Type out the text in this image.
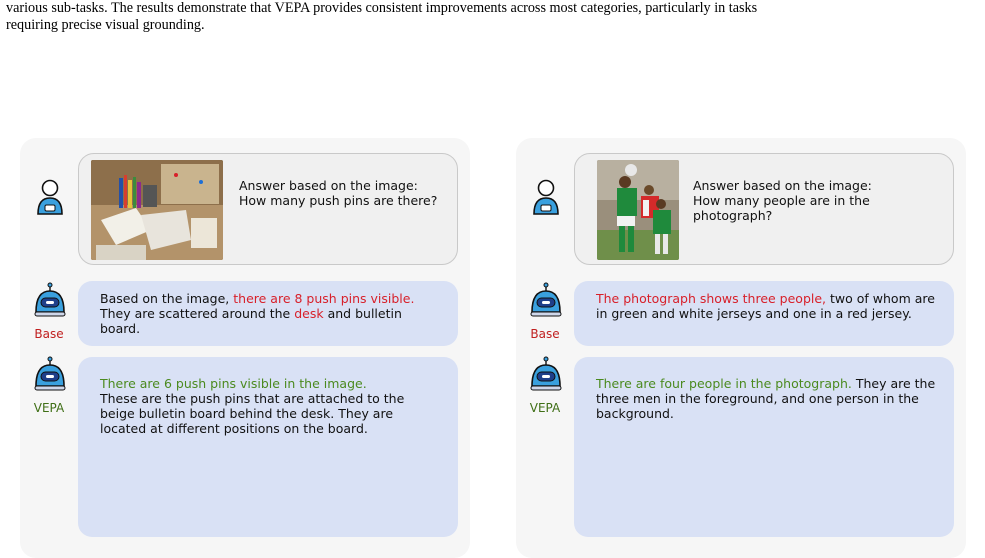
various sub-tasks. The results demonstrate that VEPA provides consistent improvements across most categories, particularly in tasks
requiring precise visual grounding.
Answer based on the image: How many push pins are there?
Base
Based on the image, there are 8 push pins visible. They are scattered around the desk and bulletin board.
VEPA
There are 6 push pins visible in the image.
These are the push pins that are attached to the beige bulletin board behind the desk. They are located at different positions on the board.
Answer based on the image: How many people are in the photograph?
Base
The photograph shows three people, two of whom are in green and white jerseys and one in a red jersey.
VEPA
There are four people in the photograph. They are the three men in the foreground, and one person in the background.
